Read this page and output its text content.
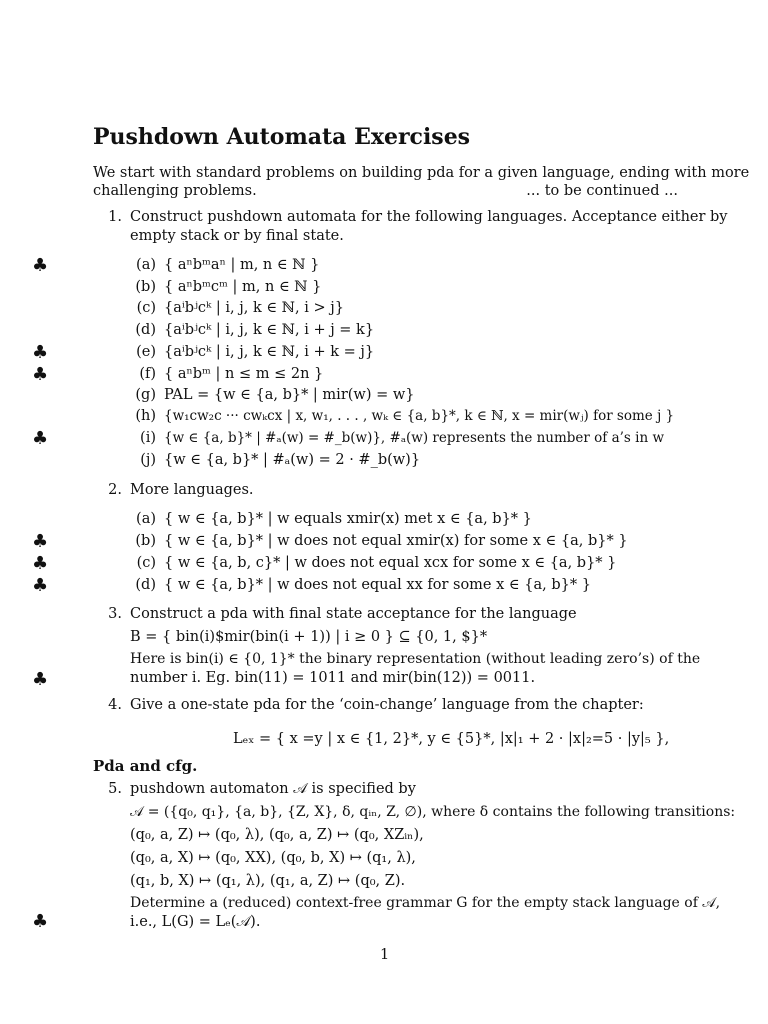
Pushdown Automata Exercises
We start with standard problems on building pda for a given language, ending with more
challenging problems.	... to be continued ...
1. Construct pushdown automata for the following languages. Acceptance either by
empty stack or by final state.
(a) { aⁿbᵐaⁿ | m, n ∈ ℕ }
(b) { aⁿbᵐcᵐ | m, n ∈ ℕ }
(c) {aⁱbʲcᵏ | i, j, k ∈ ℕ, i > j}
(d) {aⁱbʲcᵏ | i, j, k ∈ ℕ, i + j = k}
(e) {aⁱbʲcᵏ | i, j, k ∈ ℕ, i + k = j}
(f) { aⁿbᵐ | n ≤ m ≤ 2n }
(g) PAL = {w ∈ {a, b}* | mir(w) = w}
(h) {w₁cw₂c ··· cwₖcx | x, w₁, . . . , wₖ ∈ {a, b}*, k ∈ ℕ, x = mir(wⱼ) for some j }
(i) {w ∈ {a, b}* | #ₐ(w) = #_b(w)}, #ₐ(w) represents the number of a’s in w
(j) {w ∈ {a, b}* | #ₐ(w) = 2 · #_b(w)}
♣
♣
♣
♣
2. More languages.
(a) { w ∈ {a, b}* | w equals xmir(x) met x ∈ {a, b}* }
(b) { w ∈ {a, b}* | w does not equal xmir(x) for some x ∈ {a, b}* }
(c) { w ∈ {a, b, c}* | w does not equal xcx for some x ∈ {a, b}* }
(d) { w ∈ {a, b}* | w does not equal xx for some x ∈ {a, b}* }
♣
♣
♣
3. Construct a pda with final state acceptance for the language
B = { bin(i)$mir(bin(i + 1)) | i ≥ 0 } ⊆ {0, 1, $}*
Here is bin(i) ∈ {0, 1}* the binary representation (without leading zero’s) of the
number i. Eg. bin(11) = 1011 and mir(bin(12)) = 0011.
♣
4. Give a one-state pda for the ‘coin-change’ language from the chapter:
Lₑₓ = { x =y | x ∈ {1, 2}*, y ∈ {5}*, |x|₁ + 2 · |x|₂=5 · |y|₅ },
Pda and cfg.
5. pushdown automaton 𝒜 is specified by
𝒜 = ({q₀, q₁}, {a, b}, {Z, X}, δ, qᵢₙ, Z, ∅), where δ contains the following transitions:
(q₀, a, Z) ↦ (q₀, λ), (q₀, a, Z) ↦ (q₀, XZᵢₙ),
(q₀, a, X) ↦ (q₀, XX), (q₀, b, X) ↦ (q₁, λ),
(q₁, b, X) ↦ (q₁, λ), (q₁, a, Z) ↦ (q₀, Z).
Determine a (reduced) context-free grammar G for the empty stack language of 𝒜,
i.e., L(G) = Lₑ(𝒜).
♣
1
